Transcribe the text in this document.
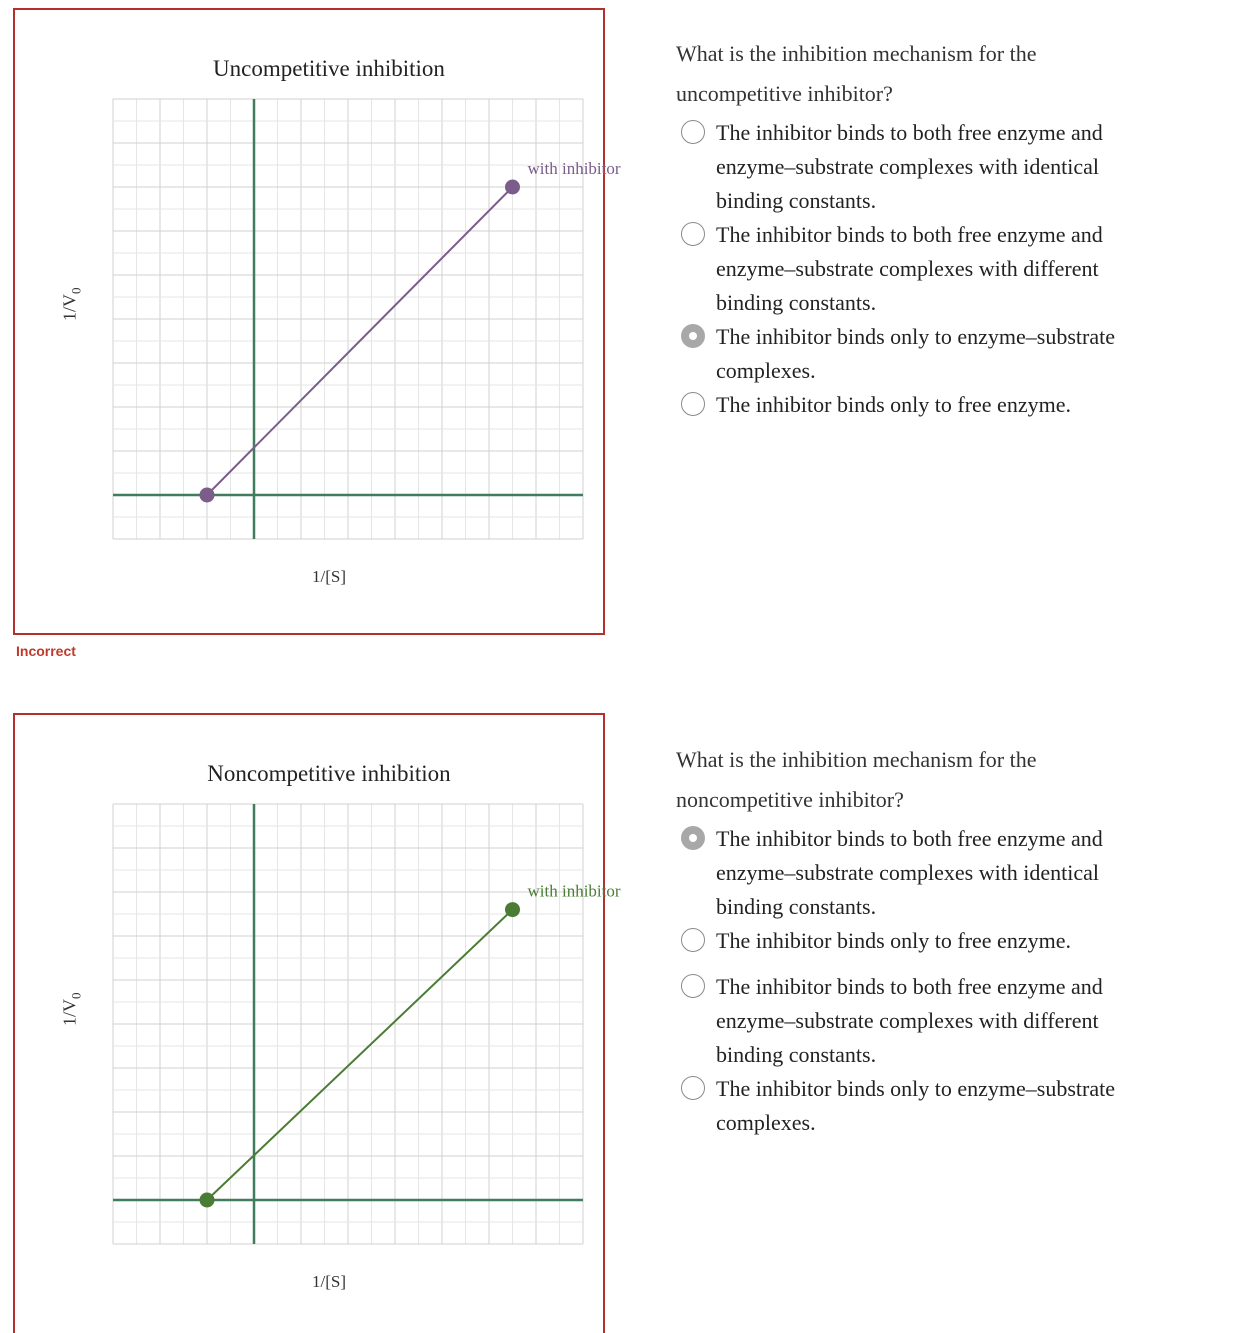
Uncompetitive inhibition
$1/V_0$
with inhibitor
1/[S]
Incorrect
Noncompetitive inhibition
$1/V_0$
with inhibitor
1/[S]

What is the inhibition mechanism for the uncompetitive inhibitor?

The inhibitor binds to both free enzyme and enzyme–substrate complexes with identical binding constants.
The inhibitor binds to both free enzyme and enzyme–substrate complexes with different binding constants.
The inhibitor binds only to enzyme–substrate complexes.
The inhibitor binds only to free enzyme.

What is the inhibition mechanism for the noncompetitive inhibitor?

The inhibitor binds to both free enzyme and enzyme–substrate complexes with identical binding constants.
The inhibitor binds only to free enzyme.
The inhibitor binds to both free enzyme and enzyme–substrate complexes with different binding constants.
The inhibitor binds only to enzyme–substrate complexes.
